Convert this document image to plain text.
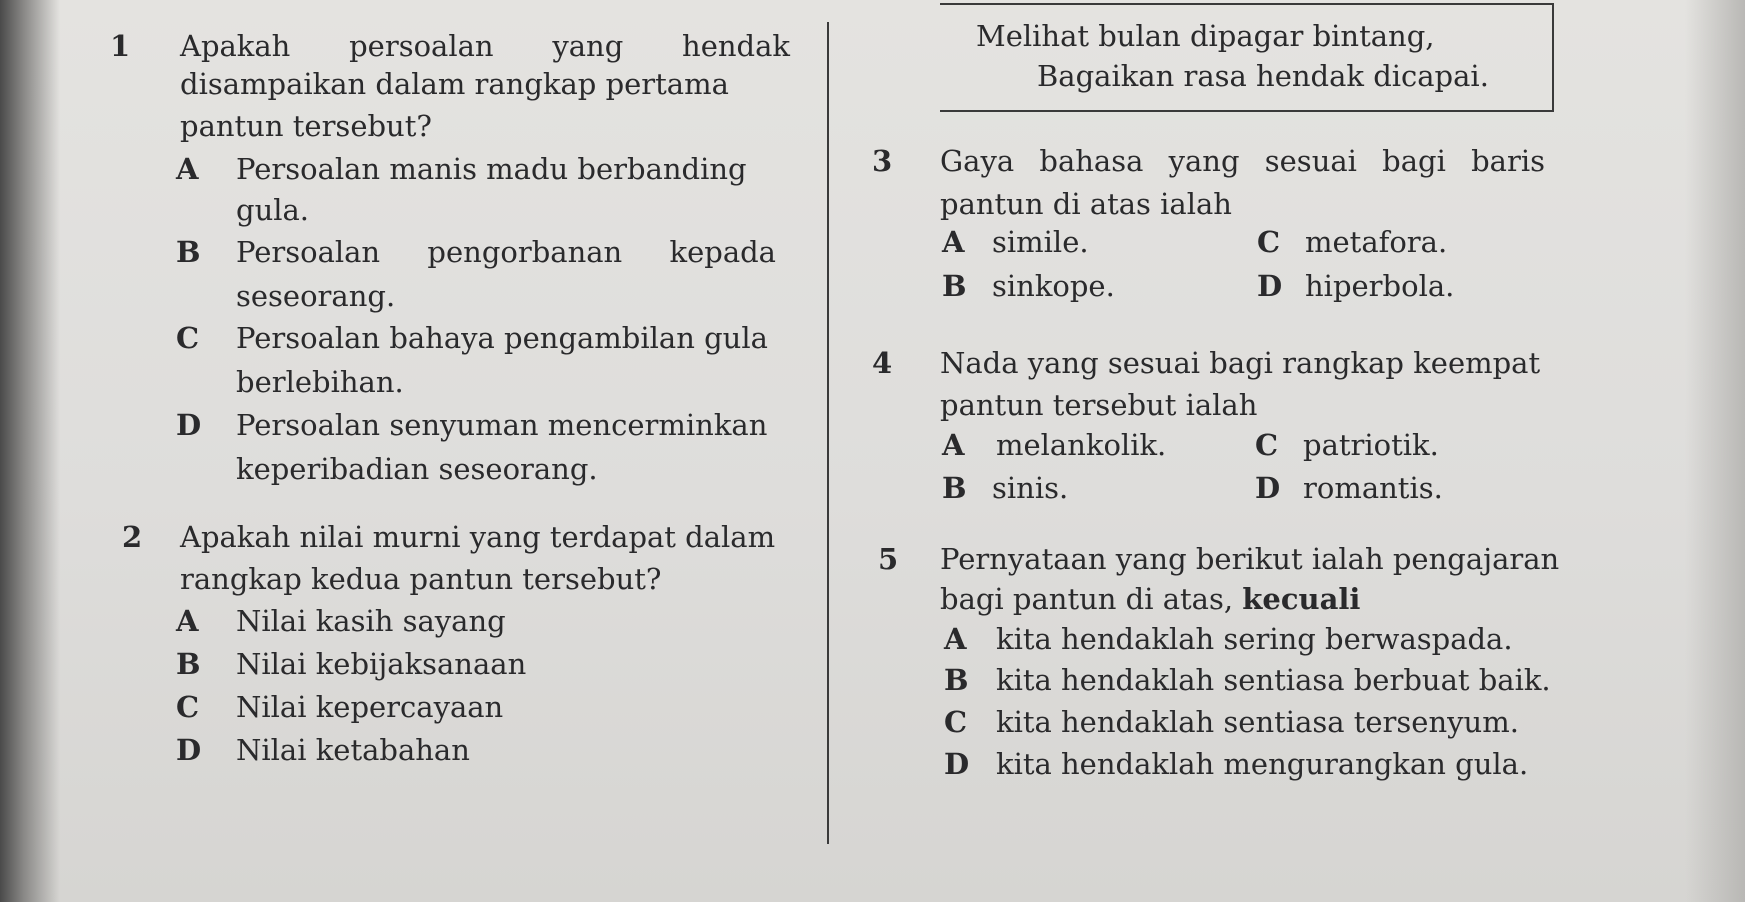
Melihat bulan dipagar bintang,
Bagaikan rasa hendak dicapai.
1 Apakah persoalan yang hendak
disampaikan dalam rangkap pertama
pantun tersebut?
A Persoalan manis madu berbanding
gula.
B Persoalan pengorbanan kepada
seseorang.
C Persoalan bahaya pengambilan gula
berlebihan.
D Persoalan senyuman mencerminkan
keperibadian seseorang.
2 Apakah nilai murni yang terdapat dalam
rangkap kedua pantun tersebut?
A Nilai kasih sayang
B Nilai kebijaksanaan
C Nilai kepercayaan
D Nilai ketabahan
3 Gaya bahasa yang sesuai bagi baris
pantun di atas ialah
A simile.	C metafora.
B sinkope.	D hiperbola.
4 Nada yang sesuai bagi rangkap keempat
pantun tersebut ialah
A melankolik.	C patriotik.
B sinis.	D romantis.
5 Pernyataan yang berikut ialah pengajaran
bagi pantun di atas, kecuali
A kita hendaklah sering berwaspada.
B kita hendaklah sentiasa berbuat baik.
C kita hendaklah sentiasa tersenyum.
D kita hendaklah mengurangkan gula.
